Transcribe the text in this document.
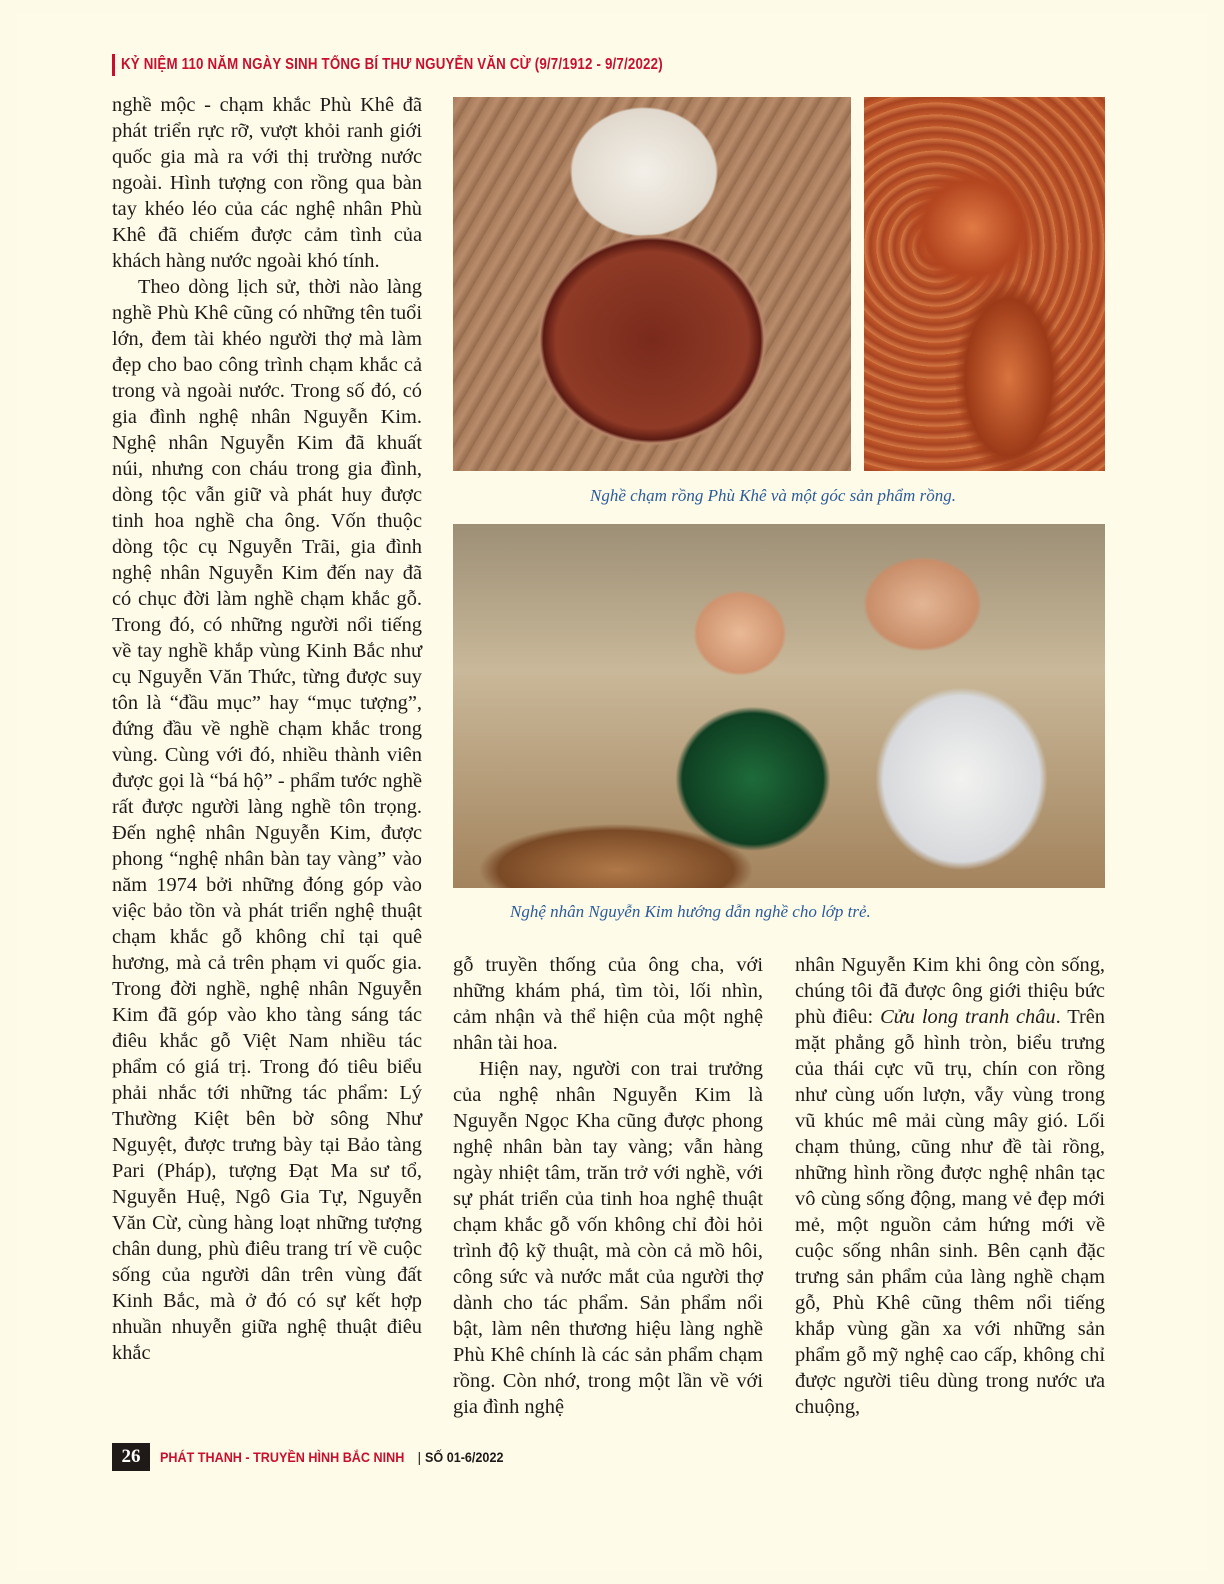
KỶ NIỆM 110 NĂM NGÀY SINH TỔNG BÍ THƯ NGUYỄN VĂN CỪ (9/7/1912 - 9/7/2022)

nghề mộc - chạm khắc Phù Khê đã phát triển rực rỡ, vượt khỏi ranh giới quốc gia mà ra với thị trường nước ngoài. Hình tượng con rồng qua bàn tay khéo léo của các nghệ nhân Phù Khê đã chiếm được cảm tình của khách hàng nước ngoài khó tính.

Theo dòng lịch sử, thời nào làng nghề Phù Khê cũng có những tên tuổi lớn, đem tài khéo người thợ mà làm đẹp cho bao công trình chạm khắc cả trong và ngoài nước. Trong số đó, có gia đình nghệ nhân Nguyễn Kim. Nghệ nhân Nguyễn Kim đã khuất núi, nhưng con cháu trong gia đình, dòng tộc vẫn giữ và phát huy được tinh hoa nghề cha ông. Vốn thuộc dòng tộc cụ Nguyễn Trãi, gia đình nghệ nhân Nguyễn Kim đến nay đã có chục đời làm nghề chạm khắc gỗ. Trong đó, có những người nổi tiếng về tay nghề khắp vùng Kinh Bắc như cụ Nguyễn Văn Thức, từng được suy tôn là “đầu mục” hay “mục tượng”, đứng đầu về nghề chạm khắc trong vùng. Cùng với đó, nhiều thành viên được gọi là “bá hộ” - phẩm tước nghề rất được người làng nghề tôn trọng. Đến nghệ nhân Nguyễn Kim, được phong “nghệ nhân bàn tay vàng” vào năm 1974 bởi những đóng góp vào việc bảo tồn và phát triển nghệ thuật chạm khắc gỗ không chỉ tại quê hương, mà cả trên phạm vi quốc gia. Trong đời nghề, nghệ nhân Nguyễn Kim đã góp vào kho tàng sáng tác điêu khắc gỗ Việt Nam nhiều tác phẩm có giá trị. Trong đó tiêu biểu phải nhắc tới những tác phẩm: Lý Thường Kiệt bên bờ sông Như Nguyệt, được trưng bày tại Bảo tàng Pari (Pháp), tượng Đạt Ma sư tổ, Nguyễn Huệ, Ngô Gia Tự, Nguyễn Văn Cừ, cùng hàng loạt những tượng chân dung, phù điêu trang trí về cuộc sống của người dân trên vùng đất Kinh Bắc, mà ở đó có sự kết hợp nhuần nhuyễn giữa nghệ thuật điêu khắc

Nghề chạm rồng Phù Khê và một góc sản phẩm rồng.
Nghệ nhân Nguyễn Kim hướng dẫn nghề cho lớp trẻ.

gỗ truyền thống của ông cha, với những khám phá, tìm tòi, lối nhìn, cảm nhận và thể hiện của một nghệ nhân tài hoa.

Hiện nay, người con trai trưởng của nghệ nhân Nguyễn Kim là Nguyễn Ngọc Kha cũng được phong nghệ nhân bàn tay vàng; vẫn hàng ngày nhiệt tâm, trăn trở với nghề, với sự phát triển của tinh hoa nghệ thuật chạm khắc gỗ vốn không chỉ đòi hỏi trình độ kỹ thuật, mà còn cả mồ hôi, công sức và nước mắt của người thợ dành cho tác phẩm. Sản phẩm nổi bật, làm nên thương hiệu làng nghề Phù Khê chính là các sản phẩm chạm rồng. Còn nhớ, trong một lần về với gia đình nghệ

nhân Nguyễn Kim khi ông còn sống, chúng tôi đã được ông giới thiệu bức phù điêu: Cửu long tranh châu. Trên mặt phẳng gỗ hình tròn, biểu trưng của thái cực vũ trụ, chín con rồng như cùng uốn lượn, vẫy vùng trong vũ khúc mê mải cùng mây gió. Lối chạm thủng, cũng như đề tài rồng, những hình rồng được nghệ nhân tạc vô cùng sống động, mang vẻ đẹp mới mẻ, một nguồn cảm hứng mới về cuộc sống nhân sinh. Bên cạnh đặc trưng sản phẩm của làng nghề chạm gỗ, Phù Khê cũng thêm nổi tiếng khắp vùng gần xa với những sản phẩm gỗ mỹ nghệ cao cấp, không chỉ được người tiêu dùng trong nước ưa chuộng,

26	PHÁT THANH - TRUYỀN HÌNH BẮC NINH | SỐ 01-6/2022
